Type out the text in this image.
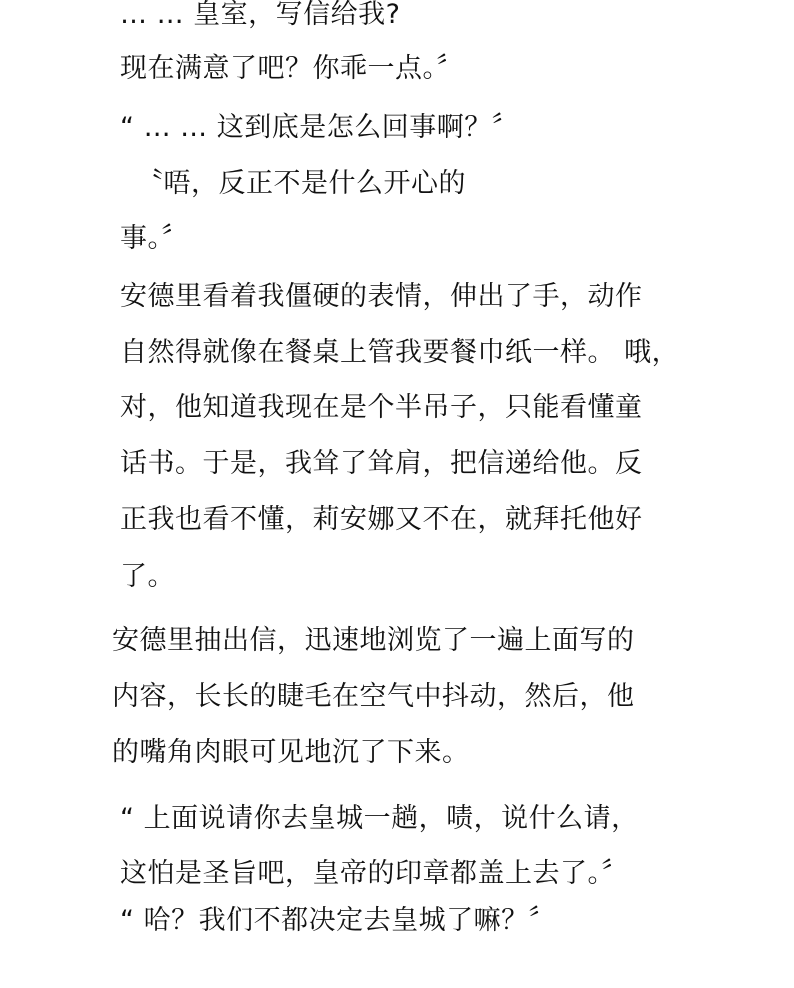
… … 皇室，写信给我?
现在满意了吧？你乖一点。〞
“ … … 这到底是怎么回事啊？〞
〝唔，反正不是什么开心的
事。〞
安德里看着我僵硬的表情，伸出了手，动作
自然得就像在餐桌上管我要餐巾纸一样。 哦，
对，他知道我现在是个半吊子，只能看懂童
话书。于是，我耸了耸肩，把信递给他。反
正我也看不懂，莉安娜又不在，就拜托他好
了。
安德里抽出信，迅速地浏览了一遍上面写的
内容，长长的睫毛在空气中抖动，然后，他
的嘴角肉眼可见地沉了下来。
“ 上面说请你去皇城一趟，啧，说什么请，
这怕是圣旨吧，皇帝的印章都盖上去了。〞
“ 哈？我们不都决定去皇城了嘛？〞
